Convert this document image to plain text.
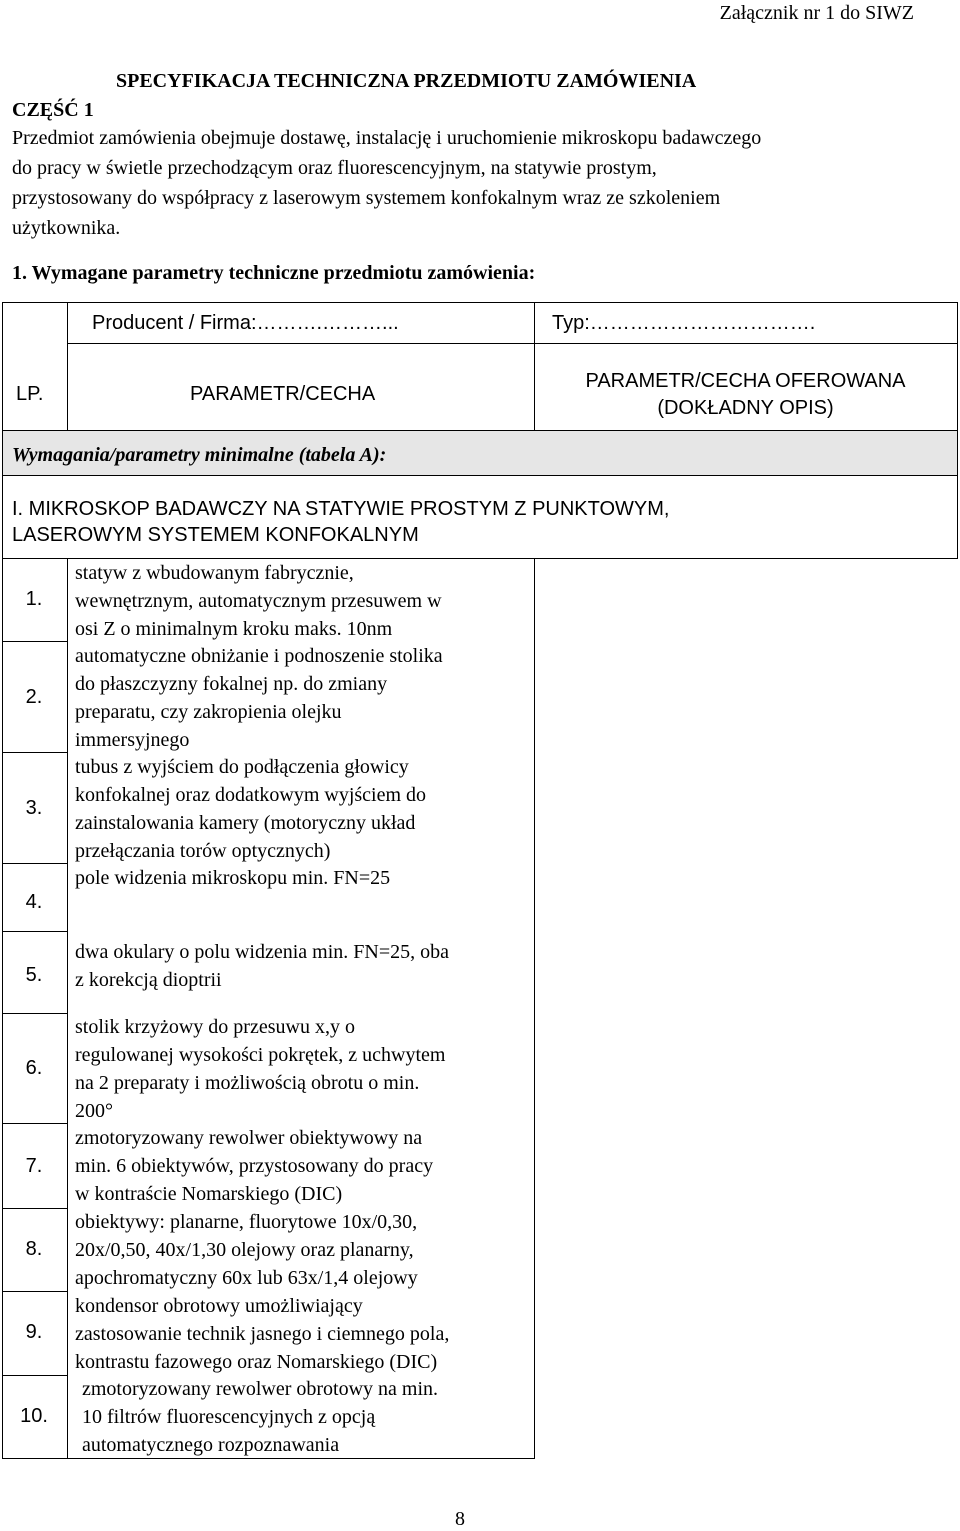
Załącznik nr 1 do SIWZ
SPECYFIKACJA TECHNICZNA PRZEDMIOTU ZAMÓWIENIA
CZĘŚĆ 1
Przedmiot zamówienia obejmuje dostawę, instalację i uruchomienie mikroskopu badawczego
do pracy w świetle przechodzącym oraz fluorescencyjnym, na statywie prostym,
przystosowany do współpracy z laserowym systemem konfokalnym wraz ze szkoleniem
użytkownika.
1. Wymagane parametry techniczne przedmiotu zamówienia:
Producent / Firma:……….………...	Typ:…………………………….
LP.	PARAMETR/CECHA
PARAMETR/CECHA OFEROWANA
(DOKŁADNY OPIS)
Wymagania/parametry minimalne (tabela A):
I. MIKROSKOP BADAWCZY NA STATYWIE PROSTYM Z PUNKTOWYM,
LASEROWYM SYSTEMEM KONFOKALNYM
1.
statyw z wbudowanym fabrycznie,
wewnętrznym, automatycznym przesuwem w
osi Z o minimalnym kroku maks. 10nm
2.
automatyczne obniżanie i podnoszenie stolika
do płaszczyzny fokalnej np. do zmiany
preparatu, czy zakropienia olejku
immersyjnego
3.
tubus z wyjściem do podłączenia głowicy
konfokalnej oraz dodatkowym wyjściem do
zainstalowania kamery (motoryczny układ
przełączania torów optycznych)
4.
pole widzenia mikroskopu min. FN=25
5.
dwa okulary o polu widzenia min. FN=25, oba
z korekcją dioptrii
6.
stolik krzyżowy do przesuwu x,y o
regulowanej wysokości pokrętek, z uchwytem
na 2 preparaty i możliwością obrotu o min.
200°
7.
zmotoryzowany rewolwer obiektywowy na
min. 6 obiektywów, przystosowany do pracy
w kontraście Nomarskiego (DIC)
8.
obiektywy: planarne, fluorytowe 10x/0,30,
20x/0,50, 40x/1,30 olejowy oraz planarny,
apochromatyczny 60x lub 63x/1,4 olejowy
9.
kondensor obrotowy umożliwiający
zastosowanie technik jasnego i ciemnego pola,
kontrastu fazowego oraz Nomarskiego (DIC)
10.
zmotoryzowany rewolwer obrotowy na min.
10 filtrów fluorescencyjnych z opcją
automatycznego rozpoznawania
8
